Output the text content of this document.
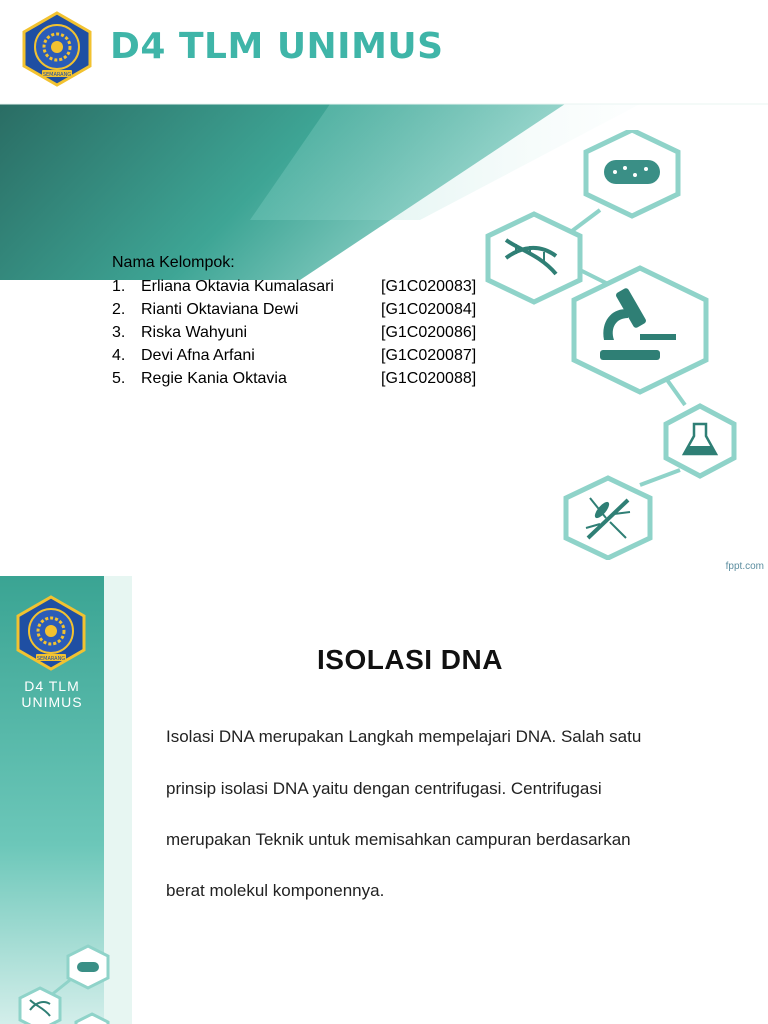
SEMARANG
D4 TLM UNIMUS
Nama Kelompok:
1. Erliana Oktavia Kumalasari	[G1C020083]
2. Rianti Oktaviana Dewi	[G1C020084]
3. Riska Wahyuni	[G1C020086]
4. Devi Afna Arfani	[G1C020087]
5. Regie Kania Oktavia	[G1C020088]
fppt.com
SEMARANG
D4 TLM
UNIMUS
ISOLASI DNA
Isolasi DNA merupakan Langkah mempelajari DNA. Salah satu
prinsip isolasi DNA yaitu dengan centrifugasi. Centrifugasi
merupakan Teknik untuk memisahkan campuran berdasarkan
berat molekul komponennya.
